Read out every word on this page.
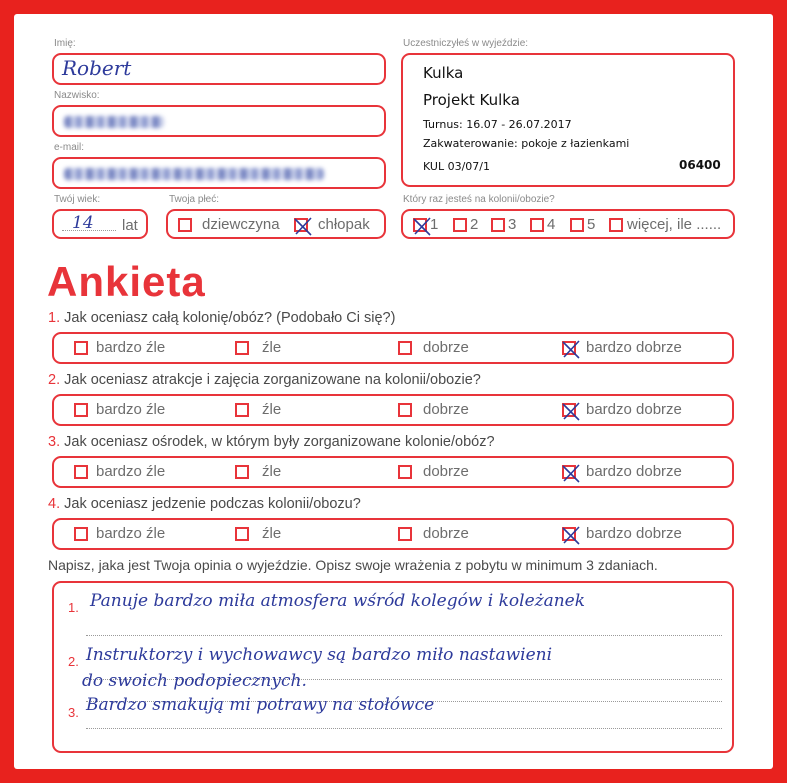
Imię:
Robert
Nazwisko:
e-mail:
Twój wiek:
14 lat
Twoja płeć:
dziewczyna	chłopak
Uczestniczyłeś w wyjeździe:
Kulka
Projekt Kulka
Turnus: 16.07 - 26.07.2017
Zakwaterowanie: pokoje z łazienkami
KUL 03/07/1	06400
Który raz jesteś na kolonii/obozie?
1 2 3 4 5 więcej, ile ......
Ankieta
1. Jak oceniasz całą kolonię/obóz? (Podobało Ci się?)
bardzo źle	źle	dobrze	bardzo dobrze
2. Jak oceniasz atrakcje i zajęcia zorganizowane na kolonii/obozie?
bardzo źle	źle	dobrze	bardzo dobrze
3. Jak oceniasz ośrodek, w którym były zorganizowane kolonie/obóz?
bardzo źle	źle	dobrze	bardzo dobrze
4. Jak oceniasz jedzenie podczas kolonii/obozu?
bardzo źle	źle	dobrze	bardzo dobrze
Napisz, jaka jest Twoja opinia o wyjeździe. Opisz swoje wrażenia z pobytu w minimum 3 zdaniach.
1. Panuje bardzo miła atmosfera wśród kolegów i koleżanek
2. Instruktorzy i wychowawcy są bardzo miło nastawieni
do swoich podopiecznych.
3. Bardzo smakują mi potrawy na stołówce
